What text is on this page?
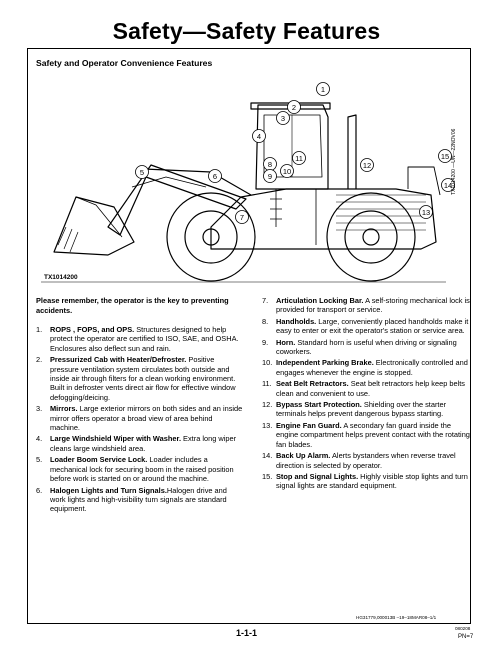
Safety—Safety Features
Safety and Operator Convenience Features
1
2
3
4
5	6
7
8
9
10
11
12
13
14
15
TX1014200
TX1014200 —UN—22NOV06
Please remember, the operator is the key to preventing accidents.
1.	ROPS , FOPS, and OPS. Structures designed to help protect the operator are certified to ISO, SAE, and OSHA. Enclosures also deflect sun and rain.
2.	Pressurized Cab with Heater/Defroster. Positive pressure ventilation system circulates both outside and inside air through filters for a clean working environment. Built in defroster vents direct air flow for effective window defogging/deicing.
3.	Mirrors. Large exterior mirrors on both sides and an inside mirror offers operator a broad view of area behind machine.
4.	Large Windshield Wiper with Washer. Extra long wiper cleans large windshield area.
5.	Loader Boom Service Lock. Loader includes a mechanical lock for securing boom in the raised position before work is started on or around the machine.
6.	Halogen Lights and Turn Signals.Halogen drive and work lights and high-visibility turn signals are standard equipment.
7.	Articulation Locking Bar. A self-storing mechanical lock is provided for transport or service.
8.	Handholds. Large, conveniently placed handholds make it easy to enter or exit the operator's station or service area.
9.	Horn. Standard horn is useful when driving or signaling coworkers.
10. Independent Parking Brake. Electronically controlled and engages whenever the engine is stopped.
11. Seat Belt Retractors. Seat belt retractors help keep belts clean and convenient to use.
12. Bypass Start Protection. Shielding over the starter terminals helps prevent dangerous bypass starting.
13. Engine Fan Guard. A secondary fan guard inside the engine compartment helps prevent contact with the rotating fan blades.
14. Back Up Alarm. Alerts bystanders when reverse travel direction is selected by operator.
15. Stop and Signal Lights. Highly visible stop lights and turn signal lights are standard equipment.
HG31779,000013B –19–18MAR08–1/1
080208
1-1-1	PN=7
